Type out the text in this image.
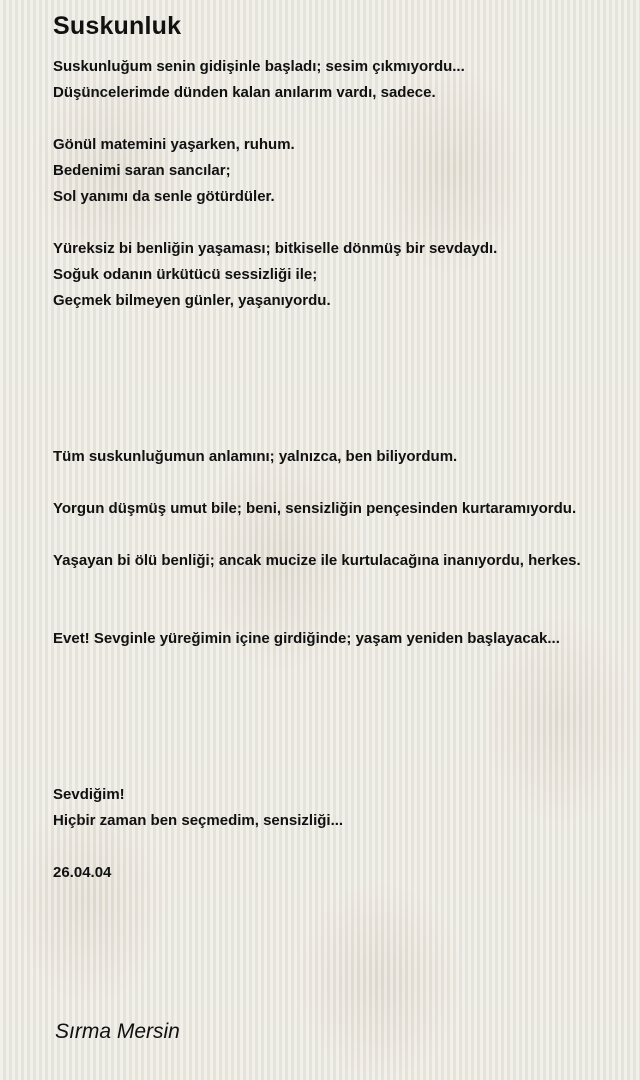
Suskunluk
Suskunluğum senin gidişinle başladı; sesim çıkmıyordu...
Düşüncelerimde dünden kalan anılarım vardı, sadece.
Gönül matemini yaşarken, ruhum.
Bedenimi saran sancılar;
Sol yanımı da senle götürdüler.
Yüreksiz bi benliğin yaşaması; bitkiselle dönmüş bir sevdaydı.
Soğuk odanın ürkütücü sessizliği ile;
Geçmek bilmeyen günler, yaşanıyordu.
Tüm suskunluğumun anlamını; yalnızca, ben biliyordum.
Yorgun düşmüş umut bile; beni, sensizliğin pençesinden kurtaramıyordu.
Yaşayan bi ölü benliği; ancak mucize ile kurtulacağına inanıyordu, herkes.
Evet! Sevginle yüreğimin içine girdiğinde; yaşam yeniden başlayacak...
Sevdiğim!
Hiçbir zaman ben seçmedim, sensizliği...
26.04.04
Sırma Mersin
